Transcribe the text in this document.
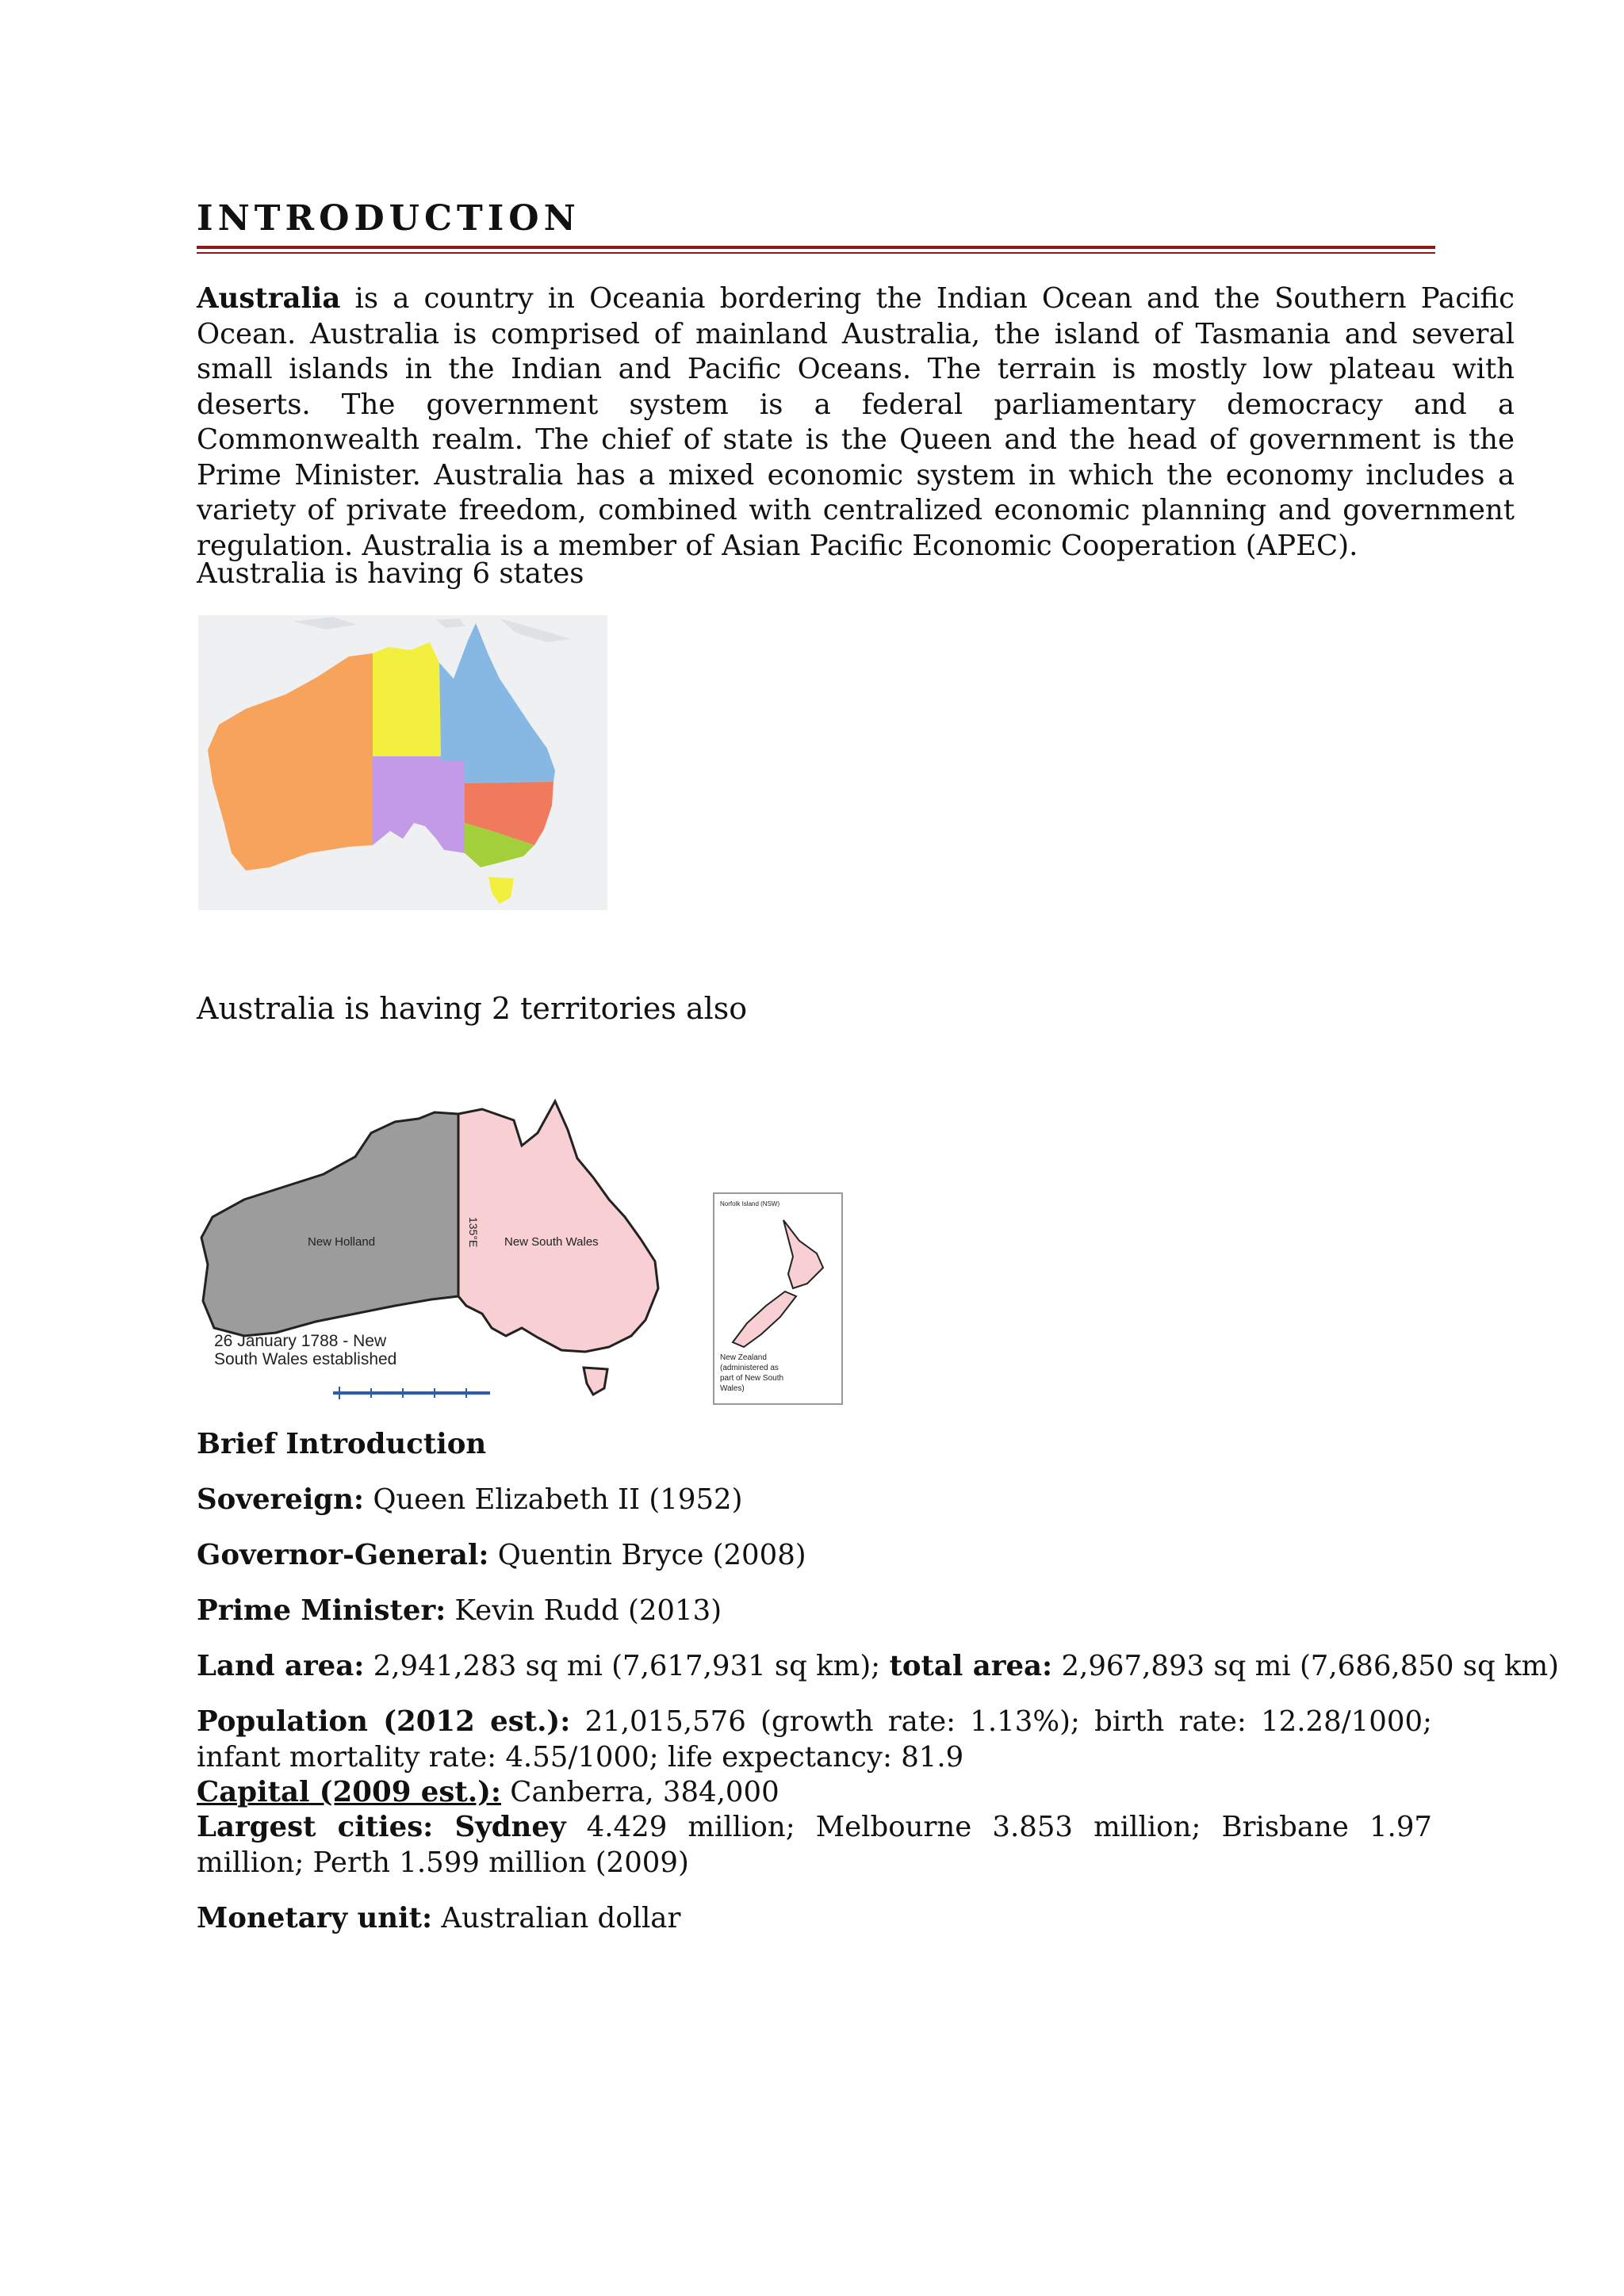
INTRODUCTION
Australia is a country in Oceania bordering the Indian Ocean and the Southern Pacific Ocean. Australia is comprised of mainland Australia, the island of Tasmania and several small islands in the Indian and Pacific Oceans. The terrain is mostly low plateau with deserts. The government system is a federal parliamentary democracy and a Commonwealth realm. The chief of state is the Queen and the head of government is the Prime Minister. Australia has a mixed economic system in which the economy includes a variety of private freedom, combined with centralized economic planning and government regulation. Australia is a member of Asian Pacific Economic Cooperation (APEC).
Australia is having 6 states
Australia is having 2 territories also
New Holland	New South Wales
135°E
26 January 1788 - New
South Wales established
Norfolk Island (NSW)
New Zealand
(administered as
part of New South
Wales)
Brief Introduction
Sovereign: Queen Elizabeth II (1952)
Governor-General: Quentin Bryce (2008)
Prime Minister: Kevin Rudd (2013)
Land area: 2,941,283 sq mi (7,617,931 sq km); total area: 2,967,893 sq mi (7,686,850 sq km)
Population (2012 est.): 21,015,576 (growth rate: 1.13%); birth rate: 12.28/1000; infant mortality rate: 4.55/1000; life expectancy: 81.9
Capital (2009 est.): Canberra, 384,000
Largest cities: Sydney 4.429 million; Melbourne 3.853 million; Brisbane 1.97 million; Perth 1.599 million (2009)
Monetary unit: Australian dollar
